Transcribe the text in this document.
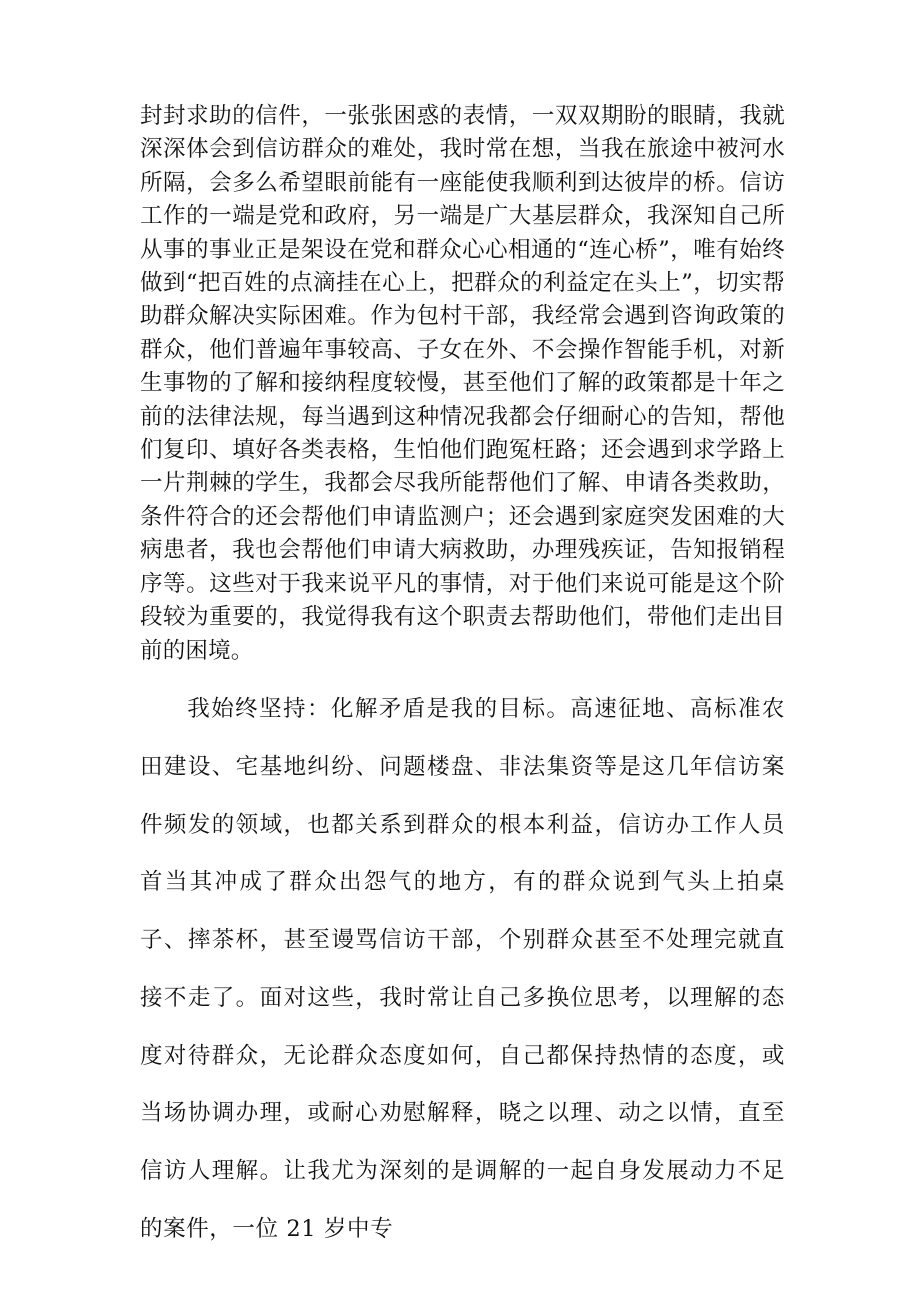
封封求助的信件，一张张困惑的表情，一双双期盼的眼睛，我就深深体会到信访群众的难处，我时常在想，当我在旅途中被河水所隔，会多么希望眼前能有一座能使我顺利到达彼岸的桥。信访工作的一端是党和政府，另一端是广大基层群众，我深知自己所从事的事业正是架设在党和群众心心相通的“连心桥”，唯有始终做到“把百姓的点滴挂在心上，把群众的利益定在头上”，切实帮助群众解决实际困难。作为包村干部，我经常会遇到咨询政策的群众，他们普遍年事较高、子女在外、不会操作智能手机，对新生事物的了解和接纳程度较慢，甚至他们了解的政策都是十年之前的法律法规，每当遇到这种情况我都会仔细耐心的告知，帮他们复印、填好各类表格，生怕他们跑冤枉路；还会遇到求学路上一片荆棘的学生，我都会尽我所能帮他们了解、申请各类救助，条件符合的还会帮他们申请监测户；还会遇到家庭突发困难的大病患者，我也会帮他们申请大病救助，办理残疾证，告知报销程序等。这些对于我来说平凡的事情，对于他们来说可能是这个阶段较为重要的，我觉得我有这个职责去帮助他们，带他们走出目前的困境。

我始终坚持：化解矛盾是我的目标。高速征地、高标准农田建设、宅基地纠纷、问题楼盘、非法集资等是这几年信访案件频发的领域，也都关系到群众的根本利益，信访办工作人员首当其冲成了群众出怨气的地方，有的群众说到气头上拍桌子、摔茶杯，甚至谩骂信访干部，个别群众甚至不处理完就直接不走了。面对这些，我时常让自己多换位思考，以理解的态度对待群众，无论群众态度如何，自己都保持热情的态度，或当场协调办理，或耐心劝慰解释，晓之以理、动之以情，直至信访人理解。让我尤为深刻的是调解的一起自身发展动力不足的案件，一位 21 岁中专
